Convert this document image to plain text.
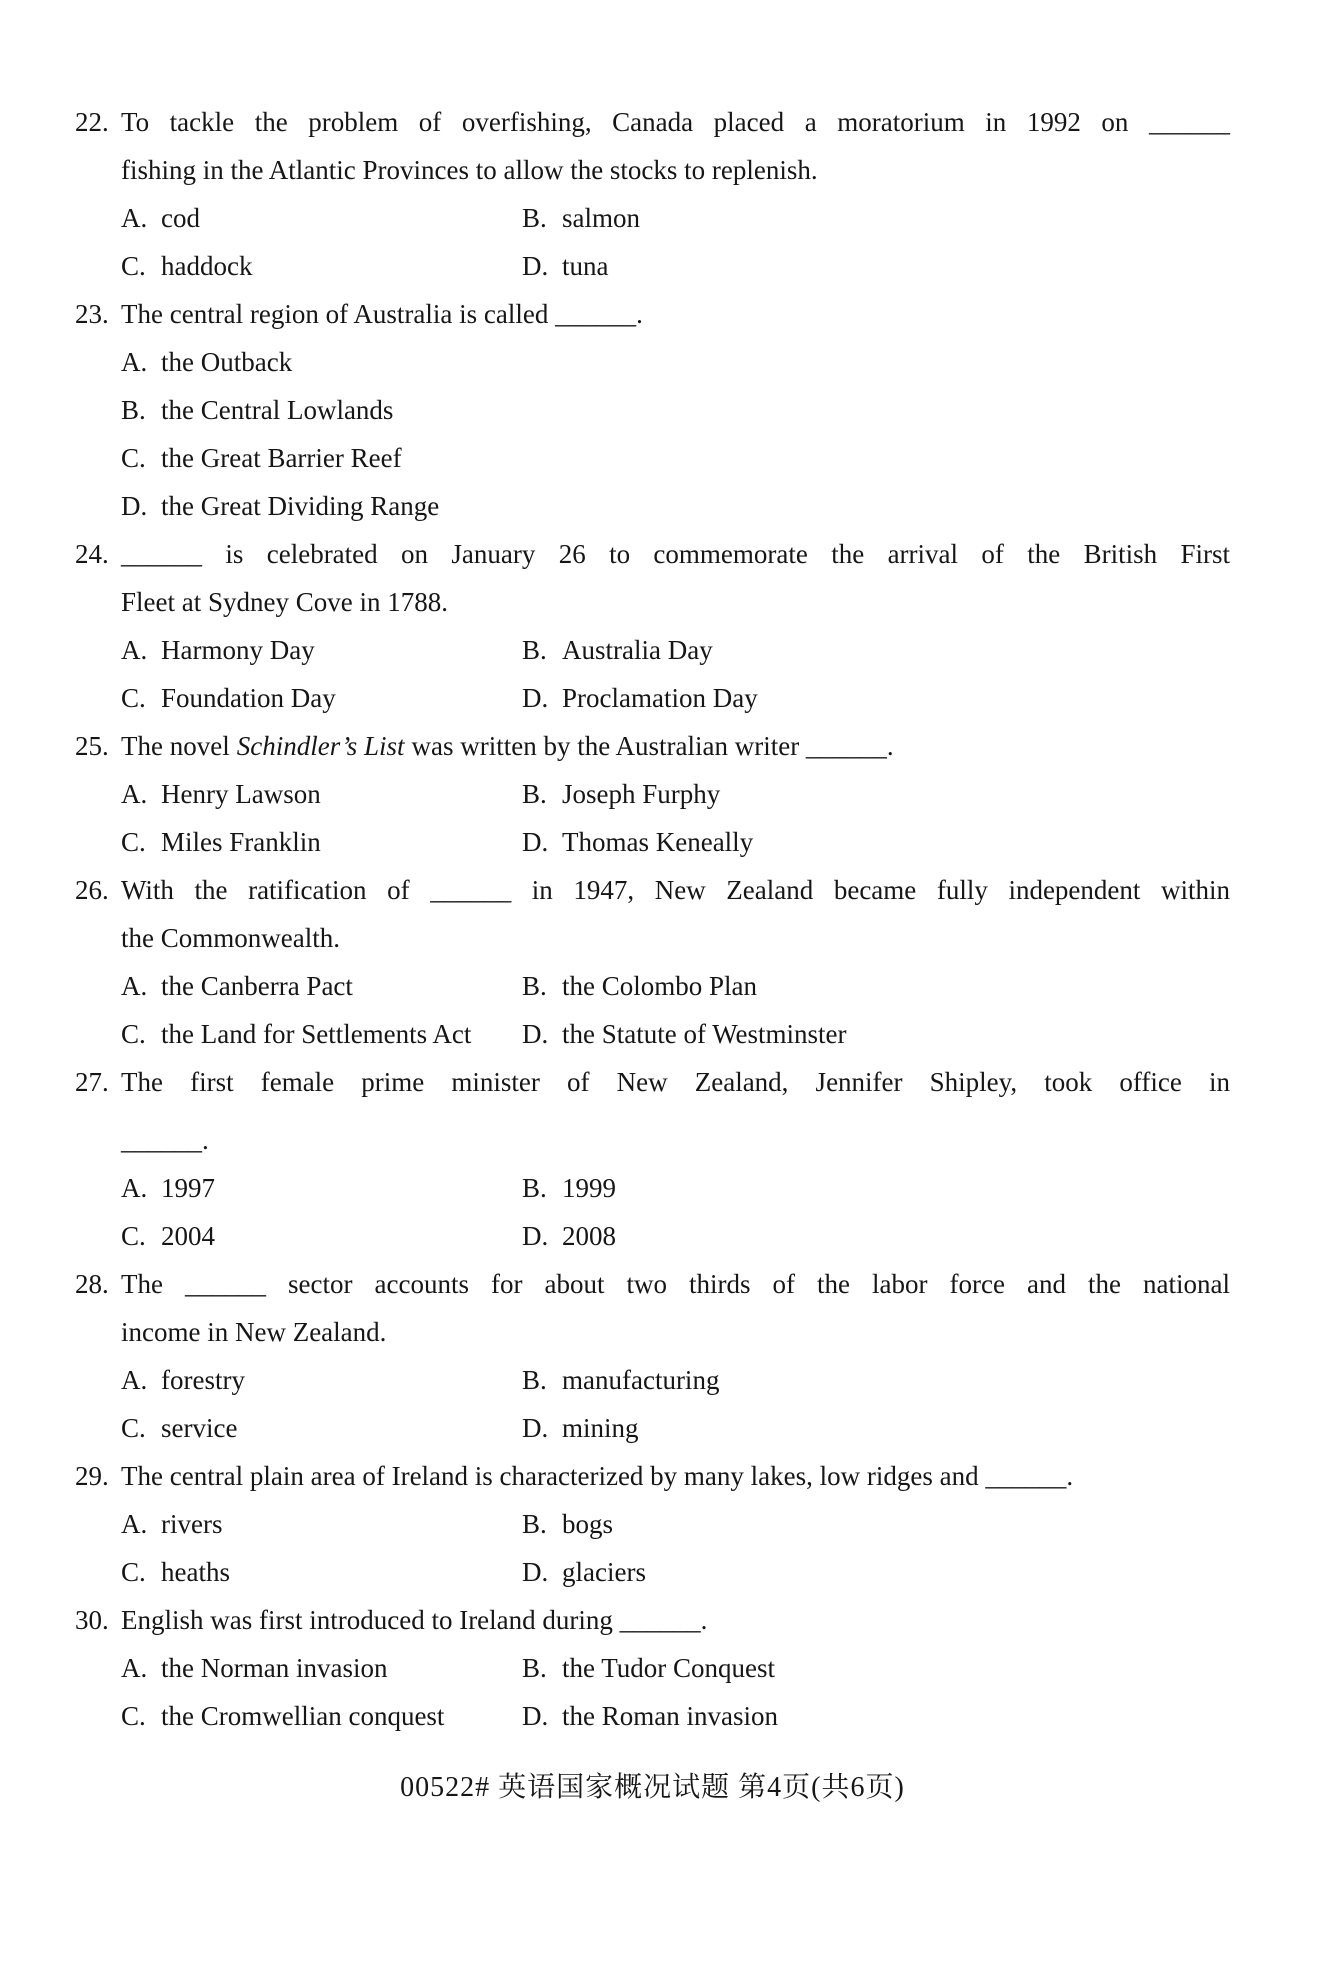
22. To tackle the problem of overfishing, Canada placed a moratorium in 1992 on ______
fishing in the Atlantic Provinces to allow the stocks to replenish.
A. cod	B. salmon
C. haddock	D. tuna
23. The central region of Australia is called ______.
A. the Outback
B. the Central Lowlands
C. the Great Barrier Reef
D. the Great Dividing Range
24. ______ is celebrated on January 26 to commemorate the arrival of the British First
Fleet at Sydney Cove in 1788.
A. Harmony Day	B. Australia Day
C. Foundation Day	D. Proclamation Day
25. The novel Schindler’s List was written by the Australian writer ______.
A. Henry Lawson	B. Joseph Furphy
C. Miles Franklin	D. Thomas Keneally
26. With the ratification of ______ in 1947, New Zealand became fully independent within
the Commonwealth.
A. the Canberra Pact	B. the Colombo Plan
C. the Land for Settlements Act D. the Statute of Westminster
27. The first female prime minister of New Zealand, Jennifer Shipley, took office in
______.
A. 1997	B. 1999
C. 2004	D. 2008
28. The ______ sector accounts for about two thirds of the labor force and the national
income in New Zealand.
A. forestry	B. manufacturing
C. service	D. mining
29. The central plain area of Ireland is characterized by many lakes, low ridges and ______.
A. rivers	B. bogs
C. heaths	D. glaciers
30. English was first introduced to Ireland during ______.
A. the Norman invasion	B. the Tudor Conquest
C. the Cromwellian conquest	D. the Roman invasion
00522# 英语国家概况试题 第4页(共6页)
